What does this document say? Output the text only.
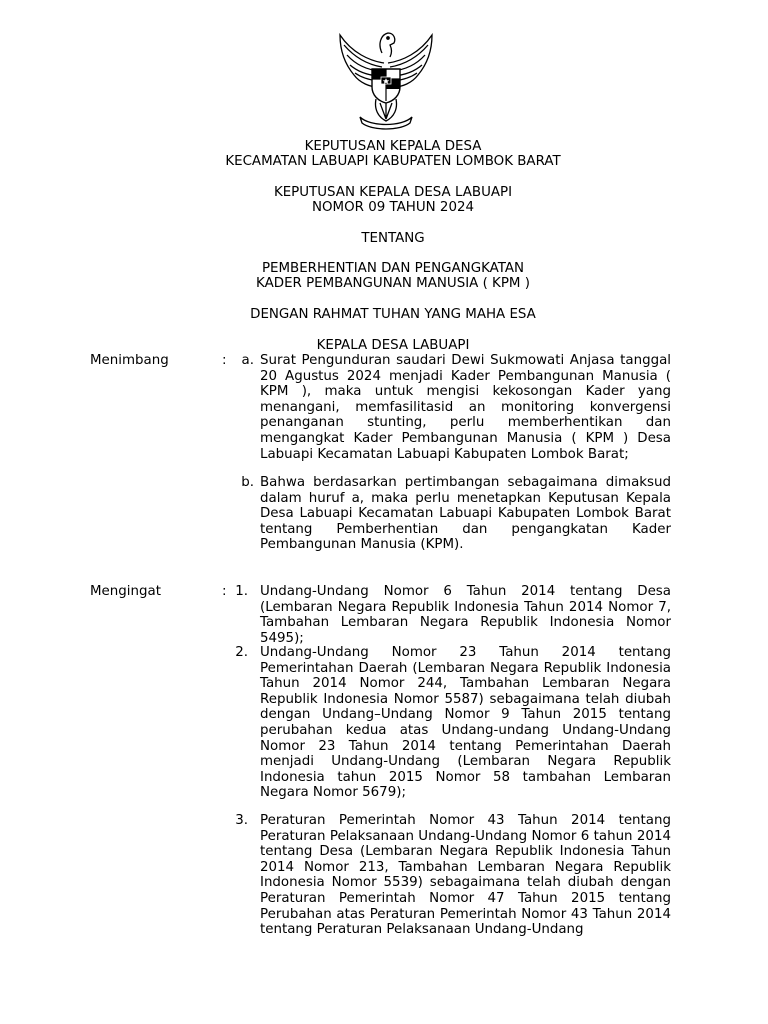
KEPUTUSAN KEPALA DESA
KECAMATAN LABUAPI KABUPATEN LOMBOK BARAT
KEPUTUSAN KEPALA DESA LABUAPI
NOMOR 09 TAHUN 2024
TENTANG
PEMBERHENTIAN DAN PENGANGKATAN
KADER PEMBANGUNAN MANUSIA ( KPM )
DENGAN RAHMAT TUHAN YANG MAHA ESA
KEPALA DESA LABUAPI
Menimbang	:	a. Surat Pengunduran saudari Dewi Sukmowati Anjasa tanggal 20 Agustus 2024 menjadi Kader Pembangunan Manusia ( KPM ), maka untuk mengisi kekosongan Kader yang menangani, memfasilitasid an monitoring konvergensi penanganan stunting, perlu memberhentikan dan mengangkat Kader Pembangunan Manusia ( KPM ) Desa Labuapi Kecamatan Labuapi Kabupaten Lombok Barat;

b. Bahwa berdasarkan pertimbangan sebagaimana dimaksud dalam huruf a, maka perlu menetapkan Keputusan Kepala Desa Labuapi Kecamatan Labuapi Kabupaten Lombok Barat tentang Pemberhentian dan pengangkatan Kader Pembangunan Manusia (KPM).

Mengingat	: 1. Undang-Undang Nomor 6 Tahun 2014 tentang Desa (Lembaran Negara Republik Indonesia Tahun 2014 Nomor 7, Tambahan Lembaran Negara Republik Indonesia Nomor 5495);

2. Undang-Undang Nomor 23 Tahun 2014 tentang Pemerintahan Daerah (Lembaran Negara Republik Indonesia Tahun 2014 Nomor 244, Tambahan Lembaran Negara Republik Indonesia Nomor 5587) sebagaimana telah diubah dengan Undang–Undang Nomor 9 Tahun 2015 tentang perubahan kedua atas Undang-undang Undang-Undang Nomor 23 Tahun 2014 tentang Pemerintahan Daerah menjadi Undang-Undang (Lembaran Negara Republik Indonesia tahun 2015 Nomor 58 tambahan Lembaran Negara Nomor 5679);

3. Peraturan Pemerintah Nomor 43 Tahun 2014 tentang Peraturan Pelaksanaan Undang-Undang Nomor 6 tahun 2014 tentang Desa (Lembaran Negara Republik Indonesia Tahun 2014 Nomor 213, Tambahan Lembaran Negara Republik Indonesia Nomor 5539) sebagaimana telah diubah dengan Peraturan Pemerintah Nomor 47 Tahun 2015 tentang Perubahan atas Peraturan Pemerintah Nomor 43 Tahun 2014 tentang Peraturan Pelaksanaan Undang-Undang
